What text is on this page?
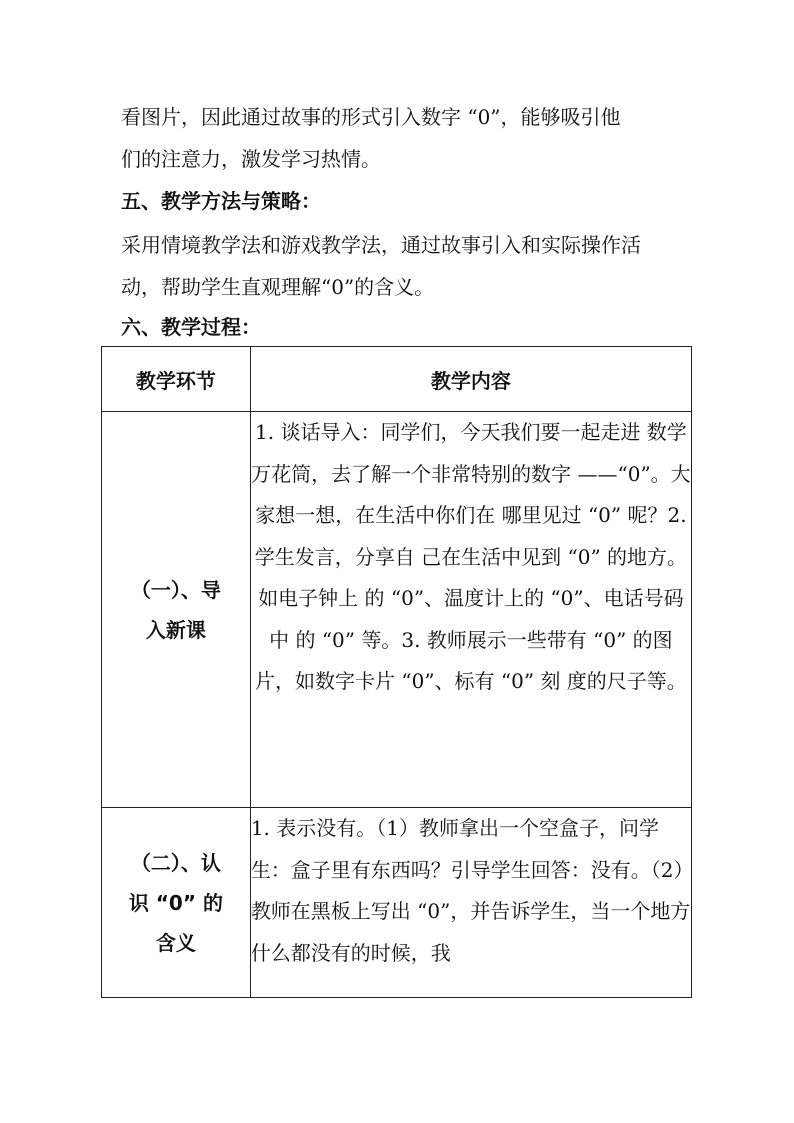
看图片，因此通过故事的形式引入数字 “0”，能够吸引他
们的注意力，激发学习热情。
五、教学方法与策略：
采用情境教学法和游戏教学法，通过故事引入和实际操作活
动，帮助学生直观理解“0”的含义。
六、教学过程：
教学环节	教学内容

（一）、导
入新课	1. 谈话导入：同学们，今天我们要一起走进 数学万花筒，去了解一个非常特别的数字 ——“0”。大家想一想，在生活中你们在 哪里见过 “0” 呢？2. 学生发言，分享自 己在生活中见到 “0” 的地方。如电子钟上 的 “0”、温度计上的 “0”、电话号码中 的 “0” 等。3. 教师展示一些带有 “0” 的图片，如数字卡片 “0”、标有 “0” 刻 度的尺子等。

（二）、认
识 “0” 的
含义	1. 表示没有。（1）教师拿出一个空盒子，问学生：盒子里有东西吗？引导学生回答：没有。（2）教师在黑板上写出 “0”，并告诉学生，当一个地方什么都没有的时候，我
